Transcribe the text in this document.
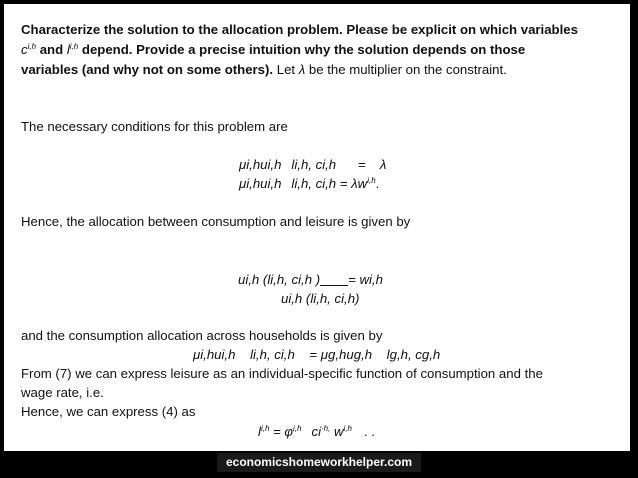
Characterize the solution to the allocation problem. Please be explicit on which variables
$c^{i,h}$ and $l^{i,h}$ depend. Provide a precise intuition why the solution depends on those
variables (and why not on some others). Let λ be the multiplier on the constraint.
The necessary conditions for this problem are
μi,hui,h li,h, ci,h = λ
μi,hui,h li,h, ci,h = λw$^{i,h}$.
Hence, the allocation between consumption and leisure is given by
ui,h (li,h, ci,h ) = wi,h
ui,h (li,h, ci,h)
and the consumption allocation across households is given by
μi,hui,h    li,h, ci,h    = μg,hug,h    lg,h, cg,h
From (7) we can express leisure as an individual-specific function of consumption and the
wage rate, i.e.
Hence, we can express (4) as
$l^{i,h} = \varphi^{i,h}$ $ci^{\cdot h,}$ $w^{i,h}$ . .
economicshomeworkhelper.com
